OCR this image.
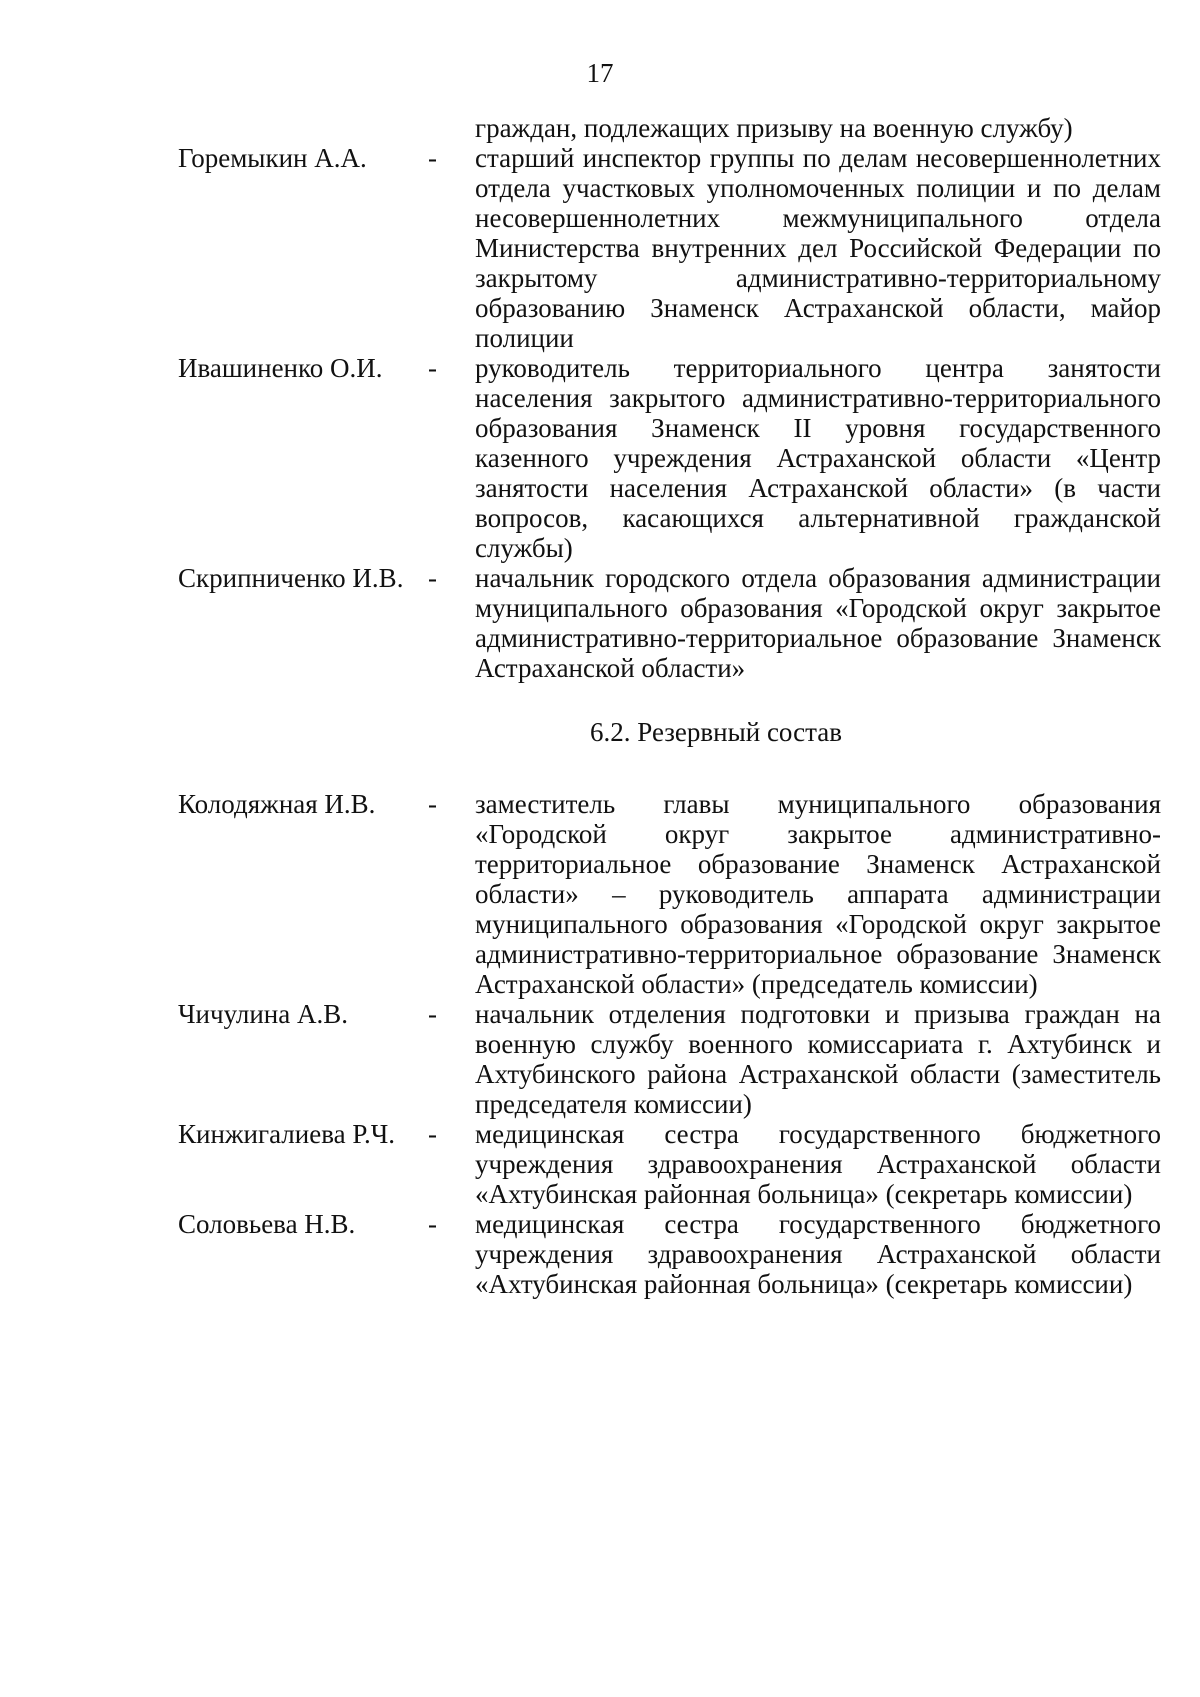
17
граждан, подлежащих призыву на военную службу)
Горемыкин А.А.	-	старший инспектор группы по делам несовершеннолетних отдела участковых уполномоченных полиции и по делам несовершеннолетних межмуниципального отдела Министерства внутренних дел Российской Федерации по закрытому административно-территориальному образованию Знаменск Астраханской области, майор полиции
Ивашиненко О.И.	-	руководитель территориального центра занятости населения закрытого административно-территориального образования Знаменск II уровня государственного казенного учреждения Астраханской области «Центр занятости населения Астраханской области» (в части вопросов, касающихся альтернативной гражданской службы)
Скрипниченко И.В. -	начальник городского отдела образования администрации муниципального образования «Городской округ закрытое административно-территориальное образование Знаменск Астраханской области»
6.2. Резервный состав
Колодяжная И.В.	-	заместитель главы муниципального образования «Городской округ закрытое административно-территориальное образование Знаменск Астраханской области» – руководитель аппарата администрации муниципального образования «Городской округ закрытое административно-территориальное образование Знаменск Астраханской области» (председатель комиссии)
Чичулина А.В.	-	начальник отделения подготовки и призыва граждан на военную службу военного комиссариата г. Ахтубинск и Ахтубинского района Астраханской области (заместитель председателя комиссии)
Кинжигалиева Р.Ч.	-	медицинская сестра государственного бюджетного учреждения здравоохранения Астраханской области «Ахтубинская районная больница» (секретарь комиссии)
Соловьева Н.В.	-	медицинская сестра государственного бюджетного учреждения здравоохранения Астраханской области «Ахтубинская районная больница» (секретарь комиссии)
